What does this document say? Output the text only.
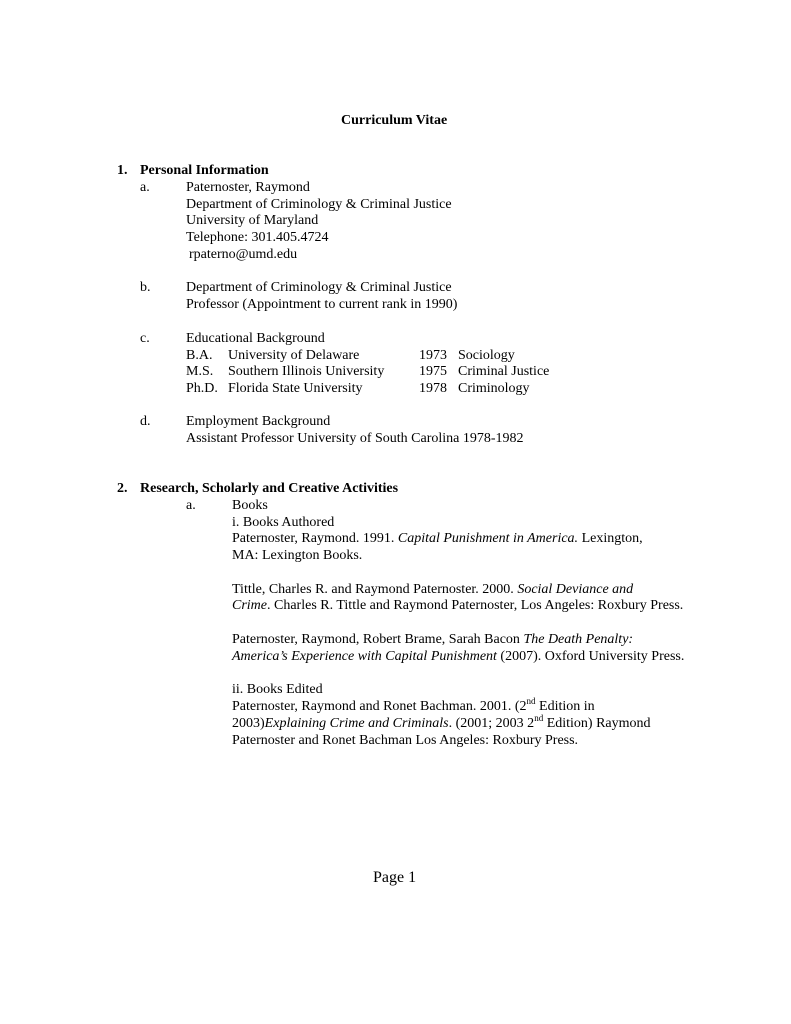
Curriculum Vitae
1. Personal Information
a.	Paternoster, Raymond
Department of Criminology & Criminal Justice
University of Maryland
Telephone: 301.405.4724
rpaterno@umd.edu
b.	Department of Criminology & Criminal Justice
Professor (Appointment to current rank in 1990)
c.	Educational Background
B.A. University of Delaware	1973 Sociology
M.S. Southern Illinois University 1975 Criminal Justice
Ph.D. Florida State University	1978 Criminology
d.	Employment Background
Assistant Professor University of South Carolina 1978-1982
2. Research, Scholarly and Creative Activities
a.	Books
i. Books Authored
Paternoster, Raymond. 1991. Capital Punishment in America. Lexington,
MA: Lexington Books.
Tittle, Charles R. and Raymond Paternoster. 2000. Social Deviance and
Crime. Charles R. Tittle and Raymond Paternoster, Los Angeles: Roxbury Press.
Paternoster, Raymond, Robert Brame, Sarah Bacon The Death Penalty:
America’s Experience with Capital Punishment (2007). Oxford University Press.
ii. Books Edited
Paternoster, Raymond and Ronet Bachman. 2001. (2nd Edition in
2003)Explaining Crime and Criminals. (2001; 2003 2nd Edition) Raymond
Paternoster and Ronet Bachman Los Angeles: Roxbury Press.
Page 1
